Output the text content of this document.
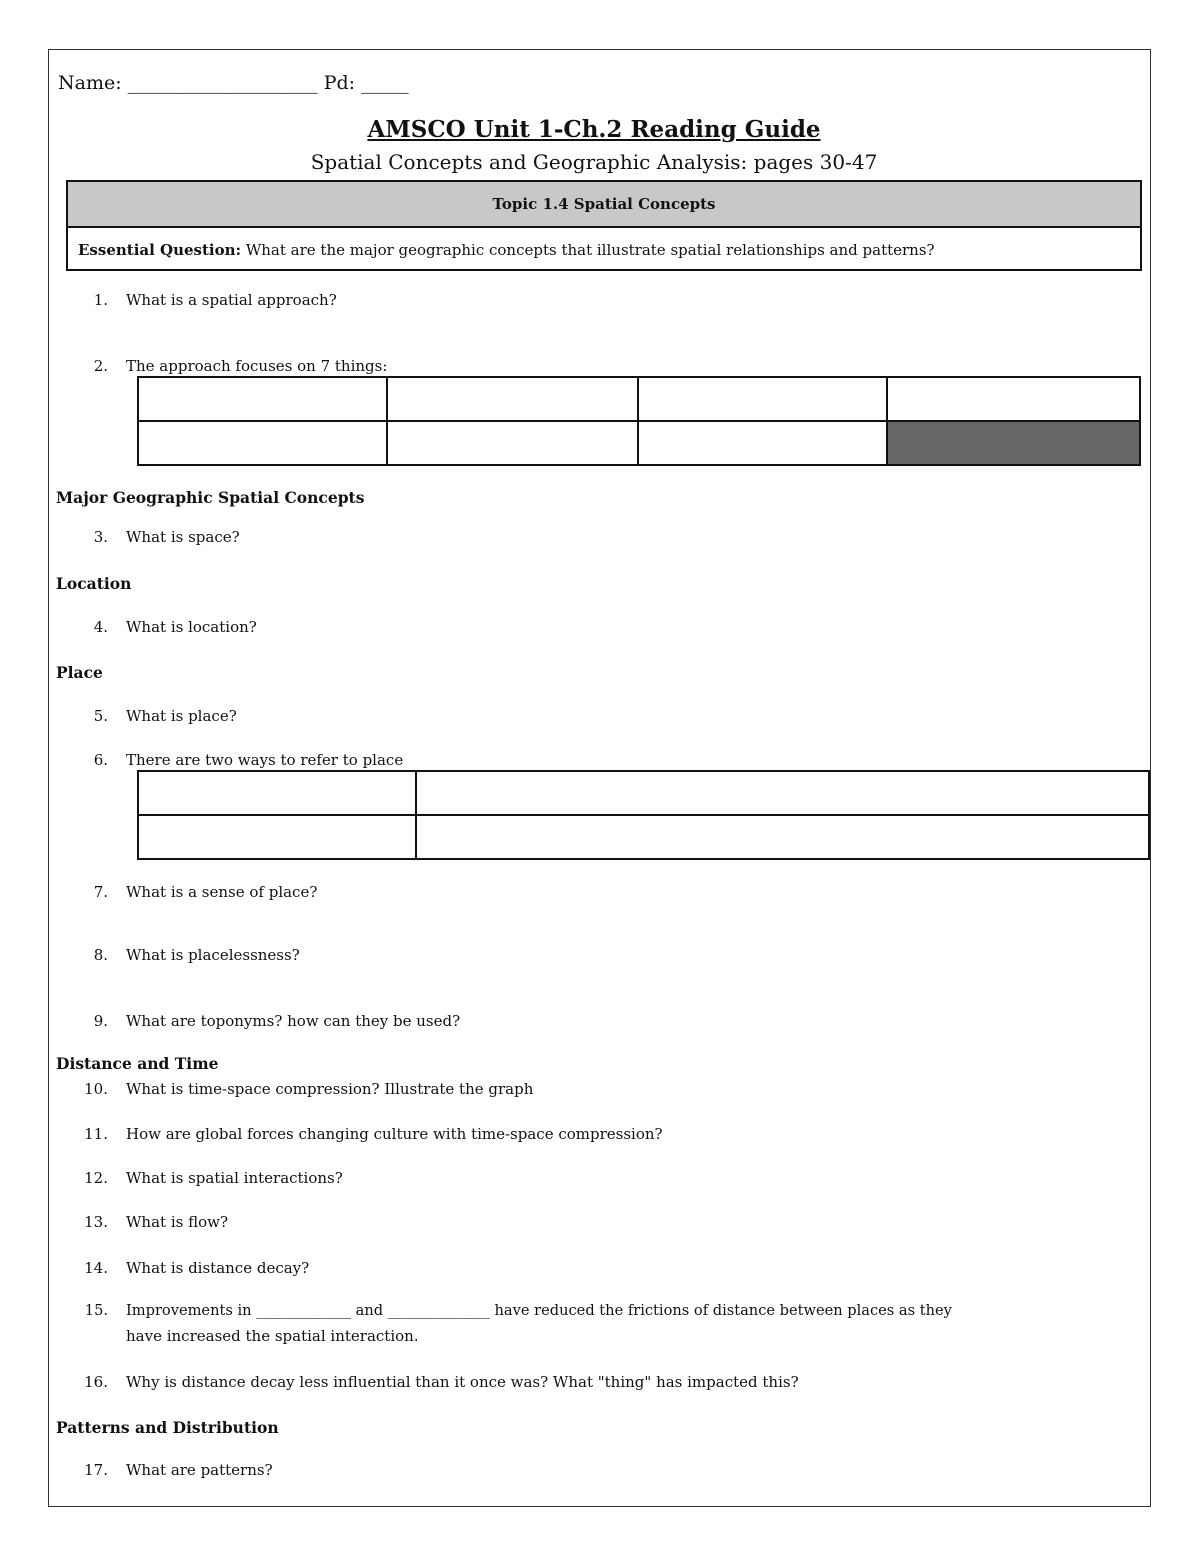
Name: ____________________ Pd: _____
AMSCO Unit 1-Ch.2 Reading Guide
Spatial Concepts and Geographic Analysis: pages 30-47
Topic 1.4 Spatial Concepts
Essential Question: What are the major geographic concepts that illustrate spatial relationships and patterns?
1. What is a spatial approach?
2. The approach focuses on 7 things:

Major Geographic Spatial Concepts
3. What is space?
Location
4. What is location?
Place
5. What is place?
6. There are two ways to refer to place

7. What is a sense of place?
8. What is placelessness?
9. What are toponyms? how can they be used?
Distance and Time
10. What is time-space compression? Illustrate the graph
11. How are global forces changing culture with time-space compression?
12. What is spatial interactions?
13. What is flow?
14. What is distance decay?
15. Improvements in _____________ and ______________ have reduced the frictions of distance between places as they
have increased the spatial interaction.
16. Why is distance decay less influential than it once was? What "thing" has impacted this?
Patterns and Distribution
17. What are patterns?
